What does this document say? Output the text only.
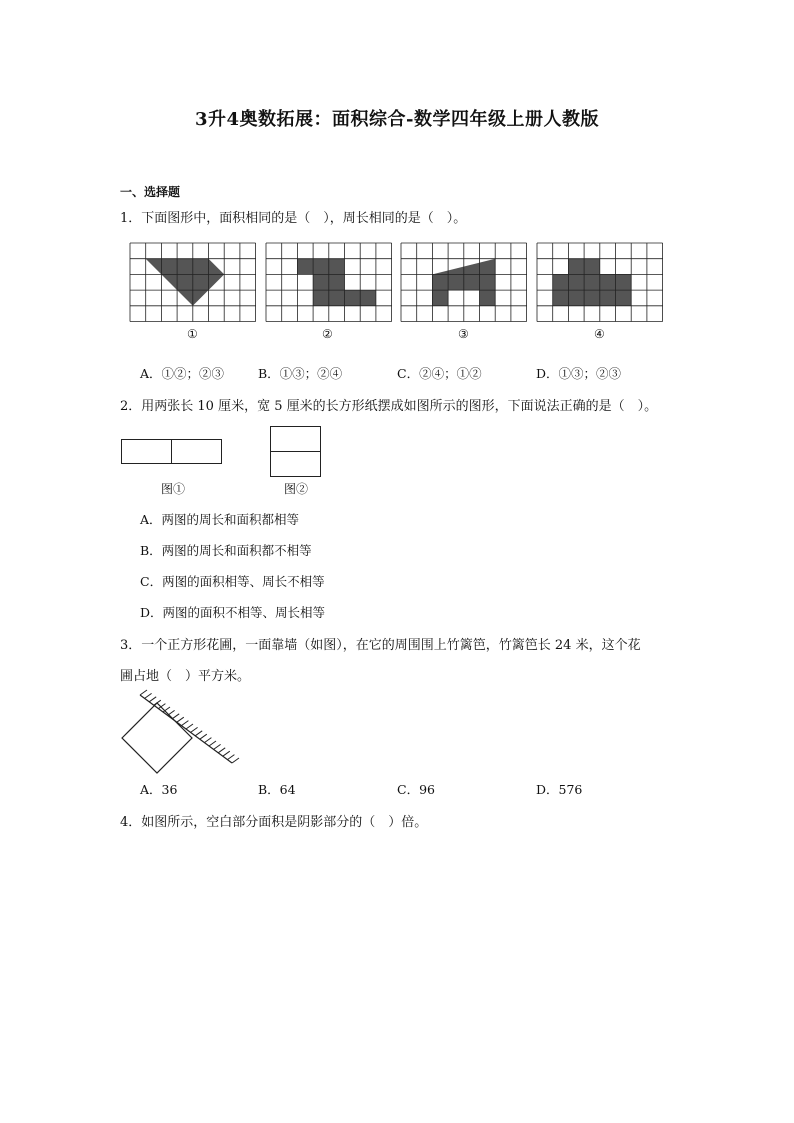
3升4奥数拓展：面积综合-数学四年级上册人教版
一、选择题
1．下面图形中，面积相同的是（　），周长相同的是（　）。
①	②	③	④
A．①②；②③	B．①③；②④	C．②④；①②	D．①③；②③
2．用两张长 10 厘米，宽 5 厘米的长方形纸摆成如图所示的图形，下面说法正确的是（　）。
图①	图②
A．两图的周长和面积都相等
B．两图的周长和面积都不相等
C．两图的面积相等、周长不相等
D．两图的面积不相等、周长相等
3．一个正方形花圃，一面靠墙（如图），在它的周围围上竹篱笆，竹篱笆长 24 米，这个花
圃占地（　）平方米。
A．36	B．64	C．96	D．576
4．如图所示，空白部分面积是阴影部分的（　）倍。
